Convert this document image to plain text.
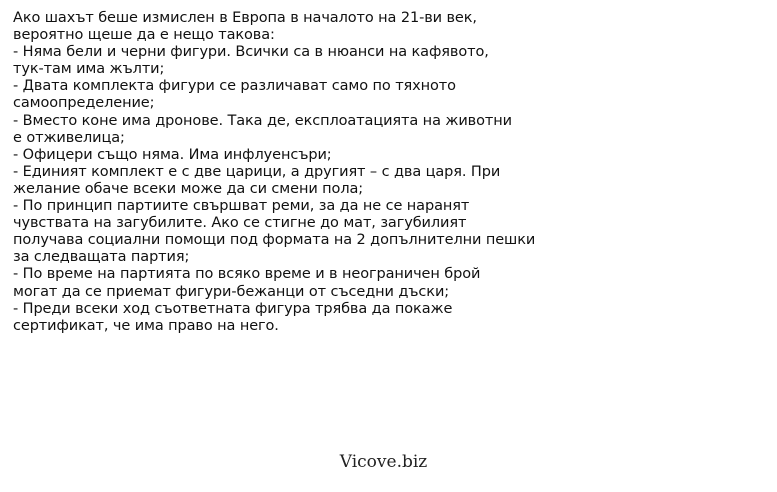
Ако шахът беше измислен в Европа в началото на 21-ви век,
вероятно щеше да е нещо такова:
- Няма бели и черни фигури. Всички са в нюанси на кафявото,
тук-там има жълти;
- Двата комплекта фигури се различават само по тяхното
самоопределение;
- Вместо коне има дронове. Така де, експлоатацията на животни
е отживелица;
- Офицери също няма. Има инфлуенсъри;
- Единият комплект е с две царици, а другият – с два царя. При
желание обаче всеки може да си смени пола;
- По принцип партиите свършват реми, за да не се наранят
чувствата на загубилите. Ако се стигне до мат, загубилият
получава социални помощи под формата на 2 допълнителни пешки
за следващата партия;
- По време на партията по всяко време и в неограничен брой
могат да се приемат фигури-бежанци от съседни дъски;
- Преди всеки ход съответната фигура трябва да покаже
сертификат, че има право на него.
Vicove.biz
